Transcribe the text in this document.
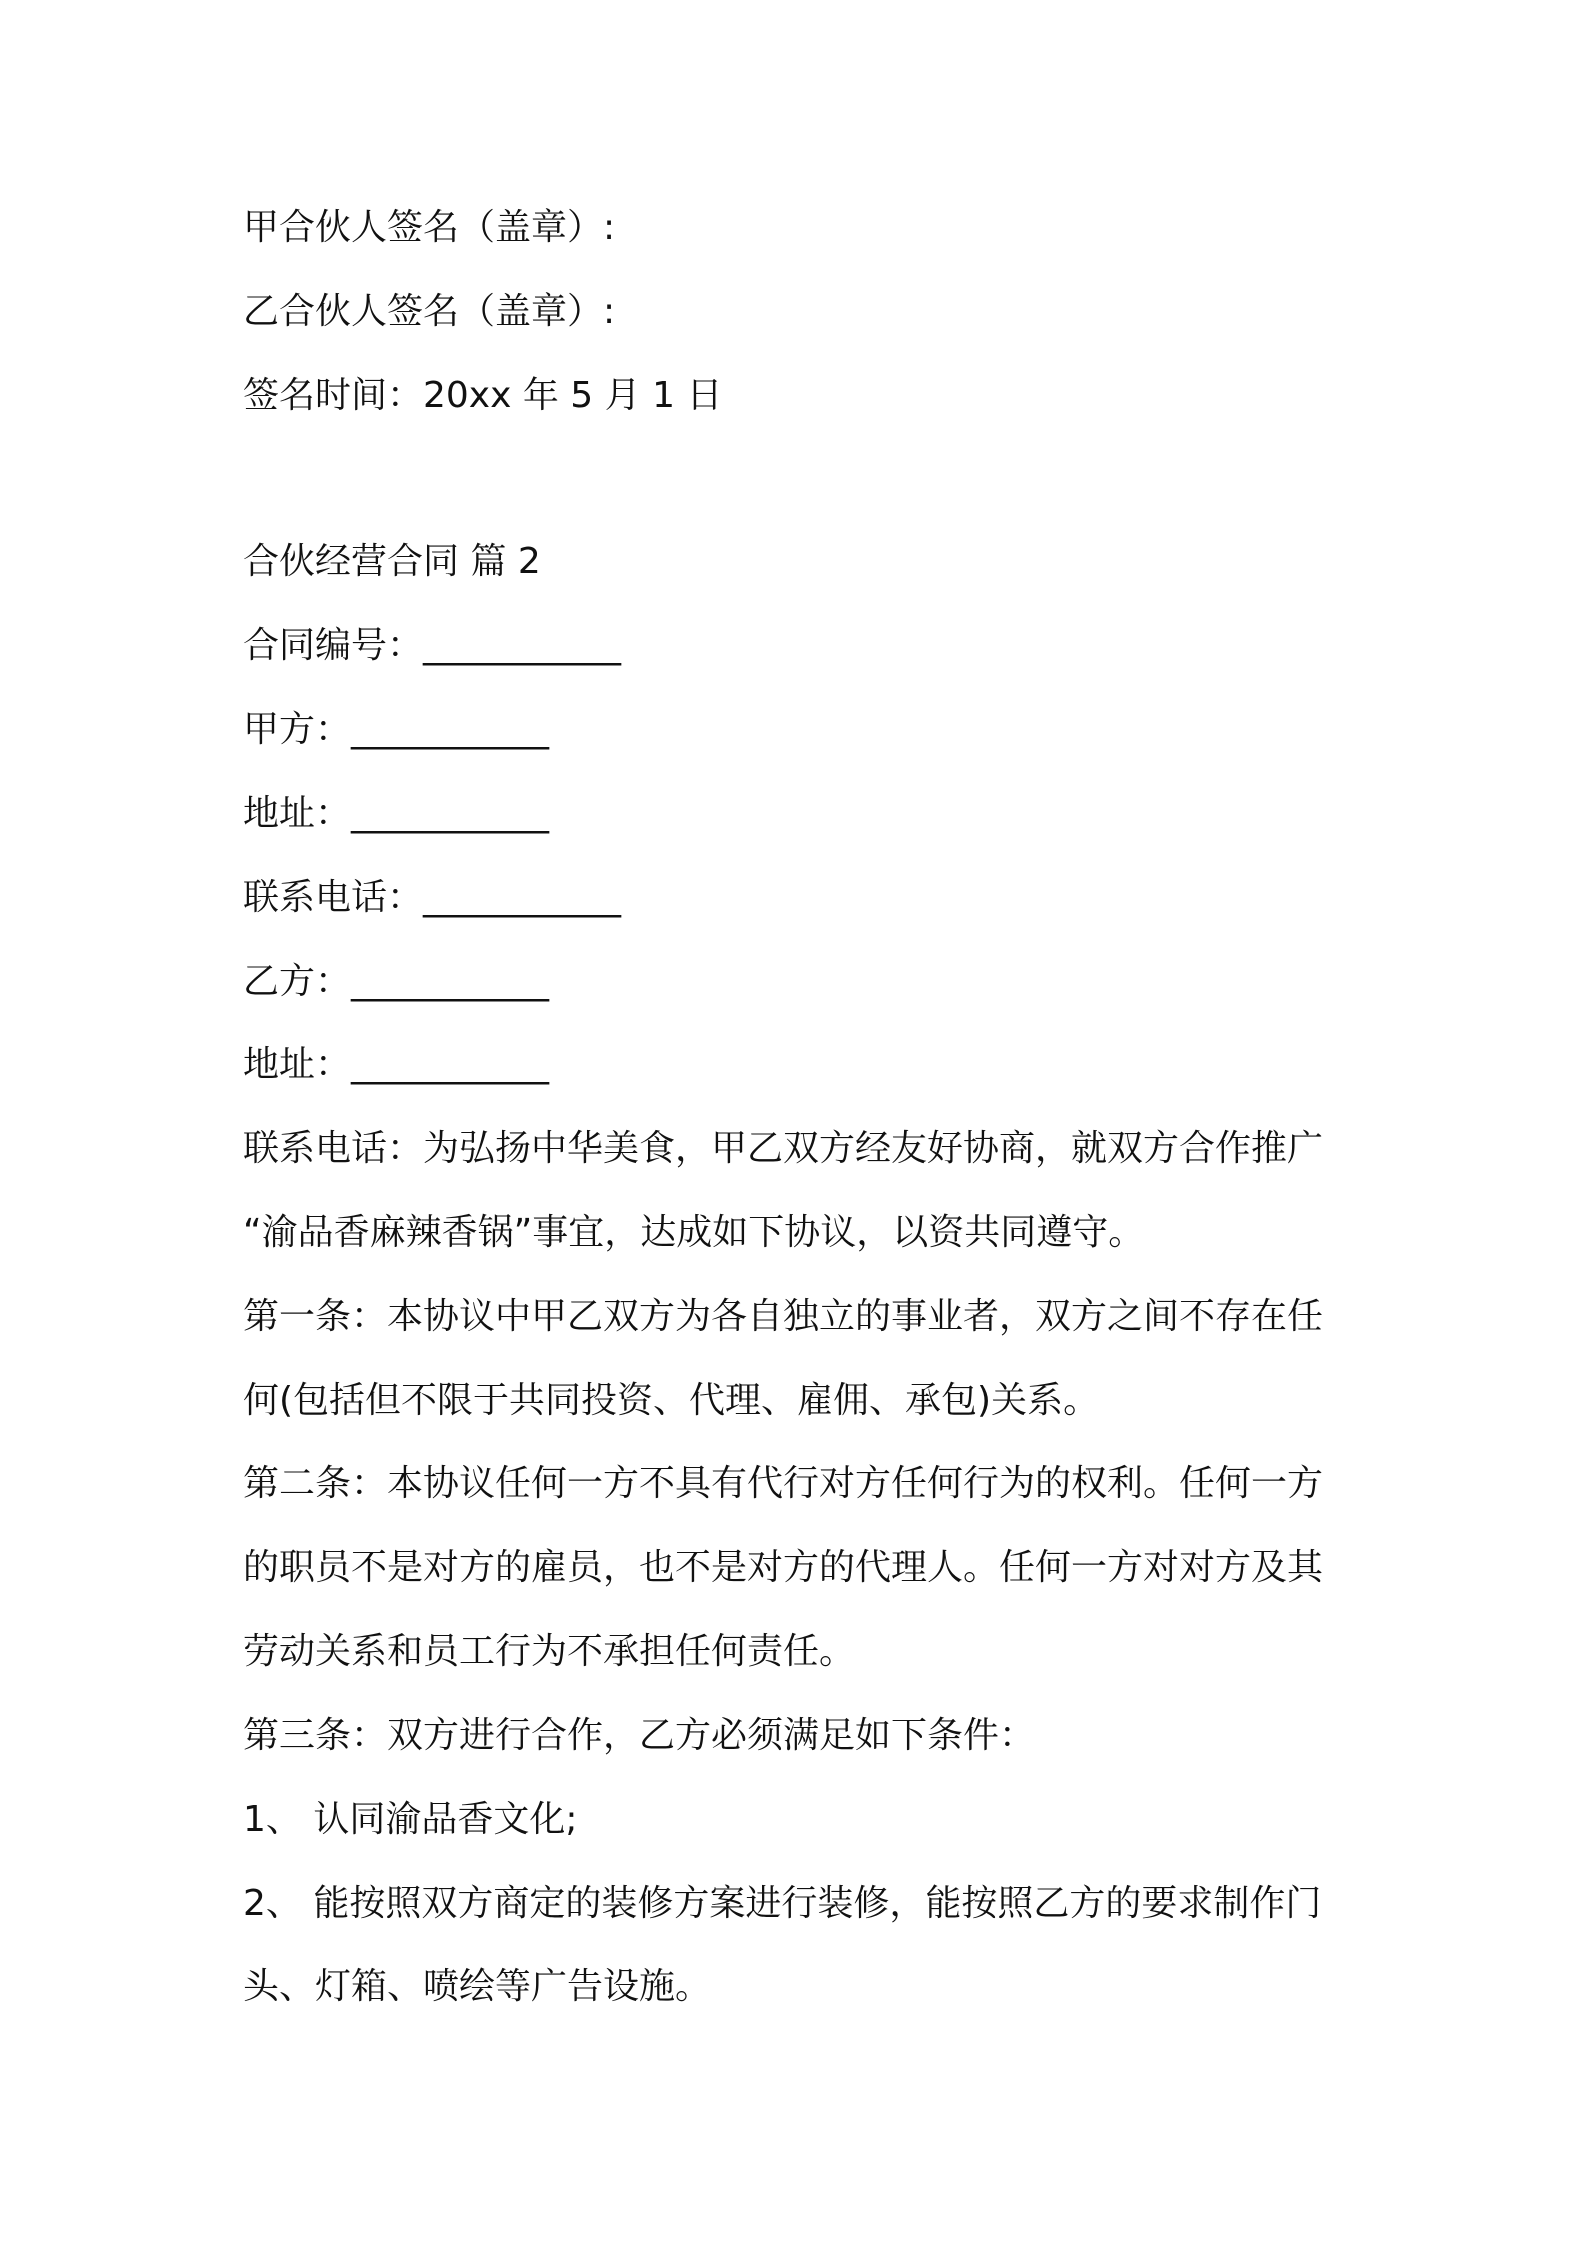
甲合伙人签名（盖章）:
乙合伙人签名（盖章）:
签名时间：20xx 年 5 月 1 日
合伙经营合同 篇 2
合同编号：___________
甲方：___________
地址：___________
联系电话：___________
乙方：___________
地址：___________
联系电话：为弘扬中华美食，甲乙双方经友好协商，就双方合作推广
“渝品香麻辣香锅”事宜，达成如下协议，以资共同遵守。
第一条：本协议中甲乙双方为各自独立的事业者，双方之间不存在任
何(包括但不限于共同投资、代理、雇佣、承包)关系。
第二条：本协议任何一方不具有代行对方任何行为的权利。任何一方
的职员不是对方的雇员，也不是对方的代理人。任何一方对对方及其
劳动关系和员工行为不承担任何责任。
第三条：双方进行合作，乙方必须满足如下条件：
1、 认同渝品香文化;
2、 能按照双方商定的装修方案进行装修，能按照乙方的要求制作门
头、灯箱、喷绘等广告设施。
